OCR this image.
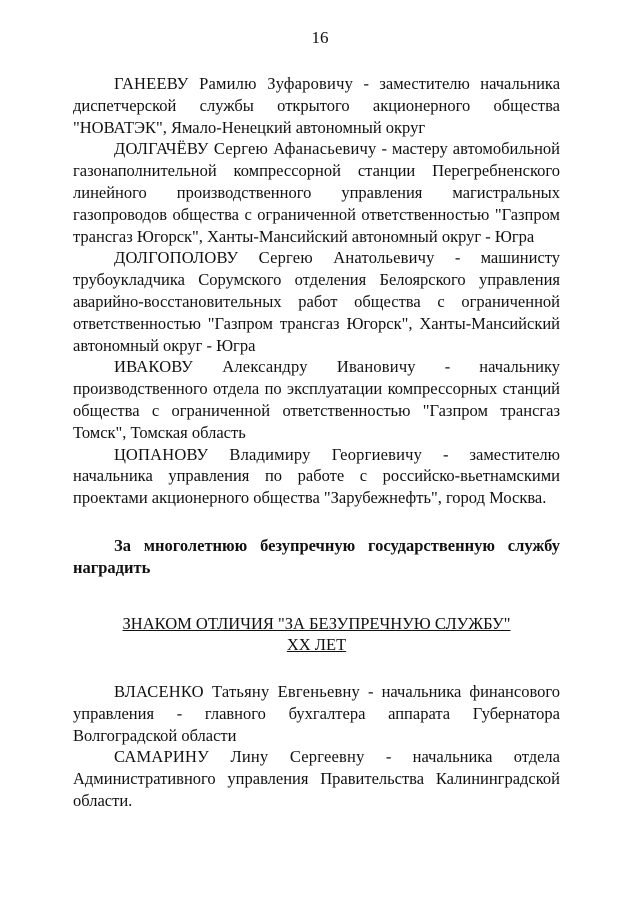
16

ГАНЕЕВУ Рамилю Зуфаровичу - заместителю начальника диспетчерской службы открытого акционерного общества "НОВАТЭК", Ямало-Ненецкий автономный округ

ДОЛГАЧЁВУ Сергею Афанасьевичу - мастеру автомобильной газонаполнительной компрессорной станции Перегребненского линейного производственного управления магистральных газопроводов общества с ограниченной ответственностью "Газпром трансгаз Югорск", Ханты-Мансийский автономный округ - Югра

ДОЛГОПОЛОВУ Сергею Анатольевичу - машинисту трубоукладчика Сорумского отделения Белоярского управления аварийно-восстановительных работ общества с ограниченной ответственностью "Газпром трансгаз Югорск", Ханты-Мансийский автономный округ - Югра

ИВАКОВУ Александру Ивановичу - начальнику производственного отдела по эксплуатации компрессорных станций общества с ограниченной ответственностью "Газпром трансгаз Томск", Томская область

ЦОПАНОВУ Владимиру Георгиевичу - заместителю начальника управления по работе с российско-вьетнамскими проектами акционерного общества "Зарубежнефть", город Москва.

За многолетнюю безупречную государственную службу наградить
ЗНАКОМ ОТЛИЧИЯ "ЗА БЕЗУПРЕЧНУЮ СЛУЖБУ"
XX ЛЕТ

ВЛАСЕНКО Татьяну Евгеньевну - начальника финансового управления - главного бухгалтера аппарата Губернатора Волгоградской области

САМАРИНУ Лину Сергеевну - начальника отдела Административного управления Правительства Калининградской области.
